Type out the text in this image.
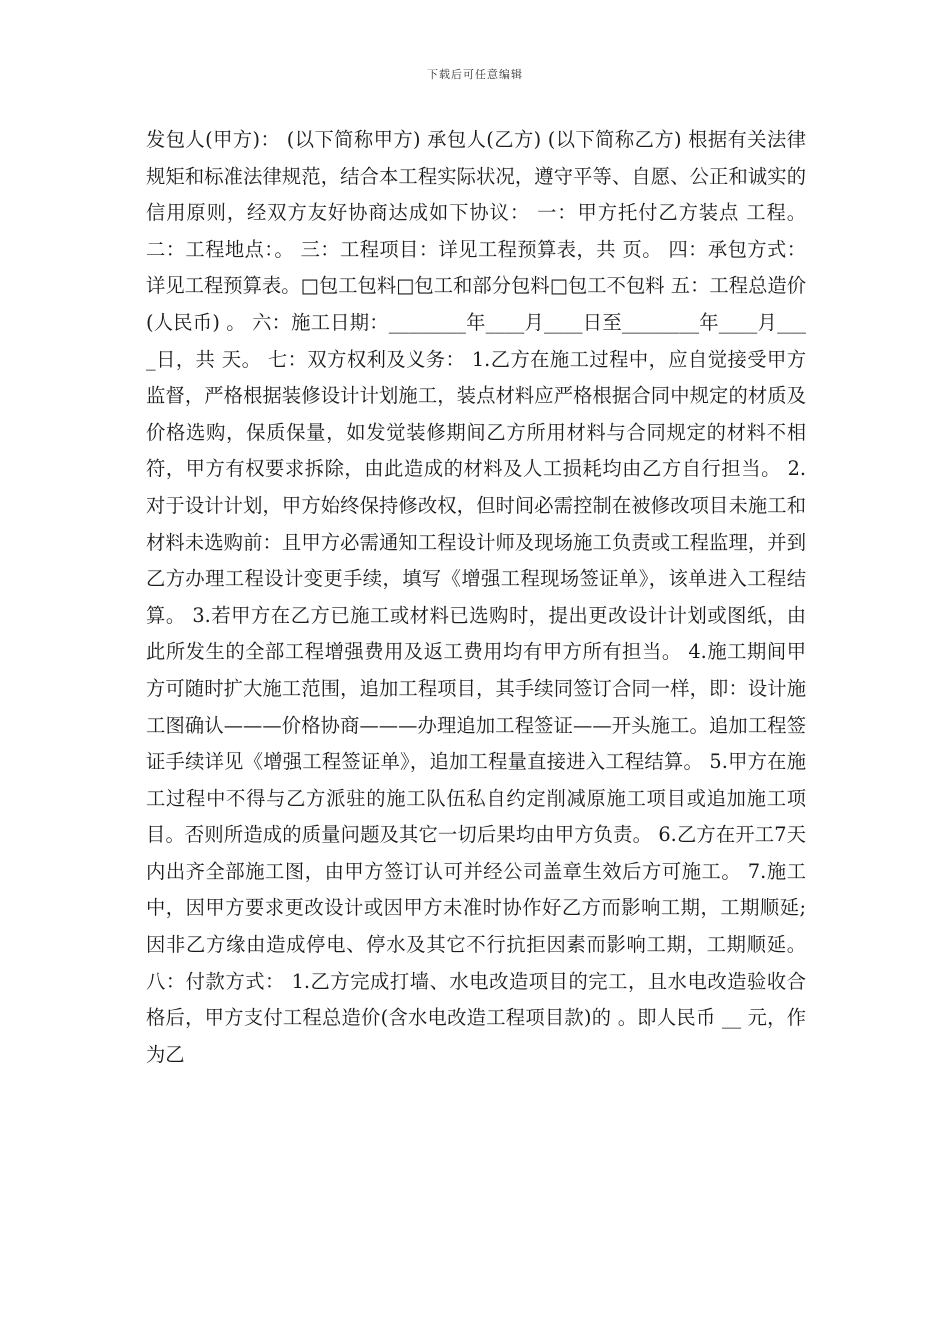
下载后可任意编辑

发包人(甲方)： (以下简称甲方) 承包人(乙方) (以下简称乙方) 根据有关法律规矩和标准法律规范，结合本工程实际状况，遵守平等、自愿、公正和诚实的信用原则，经双方友好协商达成如下协议： 一：甲方托付乙方装点 工程。 二：工程地点：。 三：工程项目：详见工程预算表，共 页。 四：承包方式：详见工程预算表。□包工包料□包工和部分包料□包工不包料 五：工程总造价(人民币) 。 六：施工日期：________年____月____日至________年____月____日，共 天。 七：双方权利及义务： 1.乙方在施工过程中，应自觉接受甲方监督，严格根据装修设计计划施工，装点材料应严格根据合同中规定的材质及价格选购，保质保量，如发觉装修期间乙方所用材料与合同规定的材料不相符，甲方有权要求拆除，由此造成的材料及人工损耗均由乙方自行担当。 2.对于设计计划，甲方始终保持修改权，但时间必需控制在被修改项目未施工和材料未选购前：且甲方必需通知工程设计师及现场施工负责或工程监理，并到乙方办理工程设计变更手续，填写《增强工程现场签证单》，该单进入工程结算。 3.若甲方在乙方已施工或材料已选购时，提出更改设计计划或图纸，由此所发生的全部工程增强费用及返工费用均有甲方所有担当。 4.施工期间甲方可随时扩大施工范围，追加工程项目，其手续同签订合同一样，即：设计施工图确认———价格协商———办理追加工程签证——开头施工。追加工程签证手续详见《增强工程签证单》，追加工程量直接进入工程结算。 5.甲方在施工过程中不得与乙方派驻的施工队伍私自约定削减原施工项目或追加施工项目。否则所造成的质量问题及其它一切后果均由甲方负责。 6.乙方在开工7天内出齐全部施工图，由甲方签订认可并经公司盖章生效后方可施工。 7.施工中，因甲方要求更改设计或因甲方未准时协作好乙方而影响工期，工期顺延;因非乙方缘由造成停电、停水及其它不行抗拒因素而影响工期，工期顺延。 八：付款方式： 1.乙方完成打墙、水电改造项目的完工，且水电改造验收合格后，甲方支付工程总造价(含水电改造工程项目款)的 。即人民币 __ 元，作为乙
